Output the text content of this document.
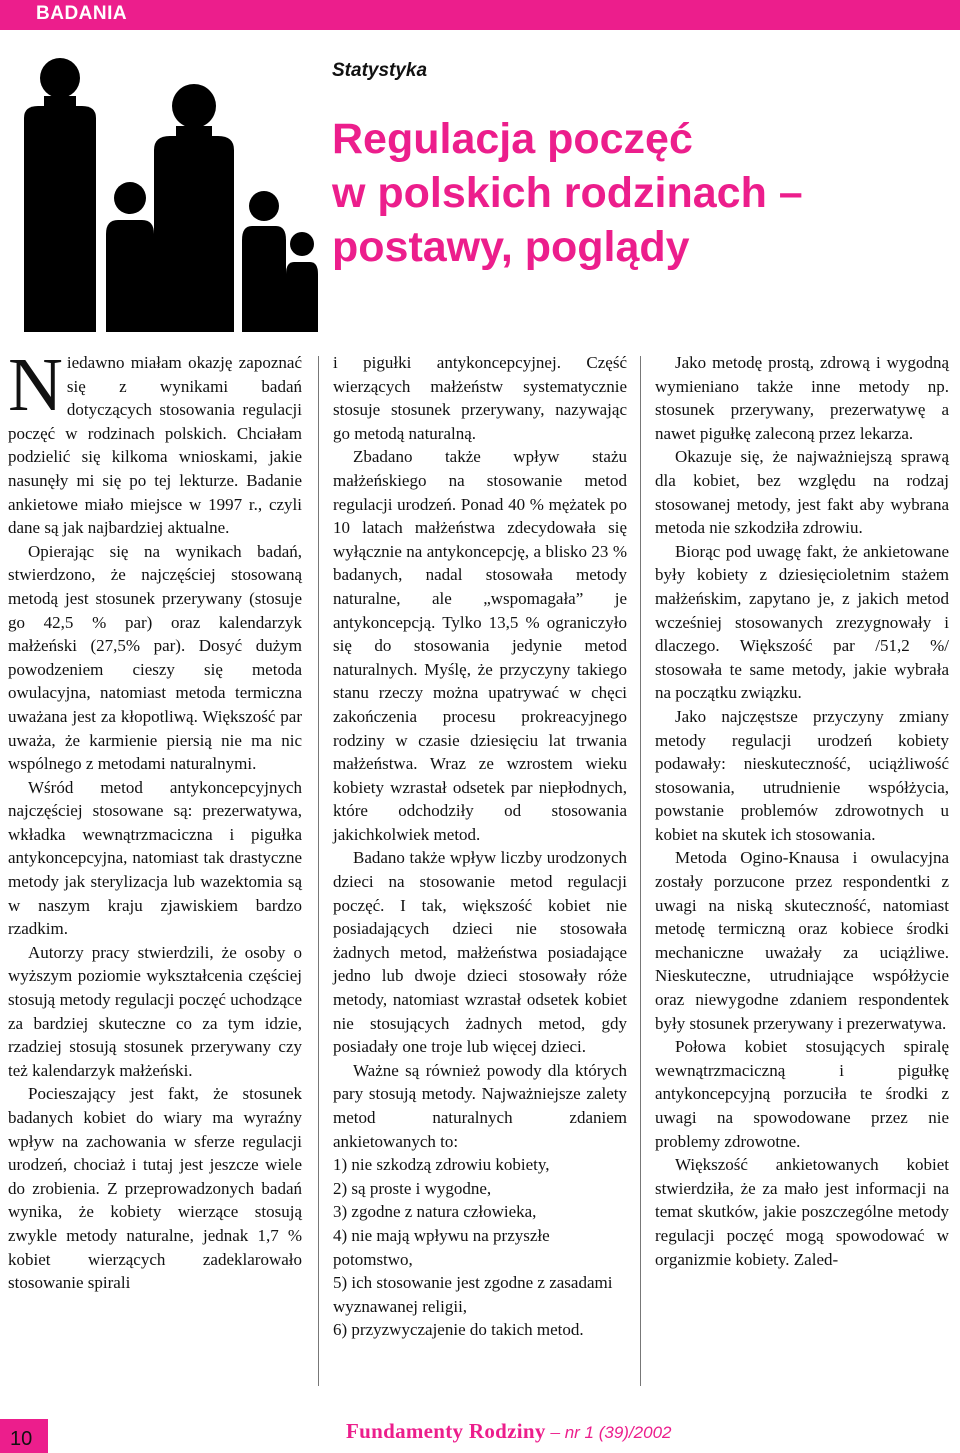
BADANIA
Statystyka
Regulacja poczęć
w polskich rodzinach –
postawy, poglądy

Niedawno miałam okazję zapoznać się z wynikami badań dotyczących stosowania regulacji poczęć w rodzinach polskich. Chciałam podzielić się kilkoma wnioskami, jakie nasunęły mi się po tej lekturze. Badanie ankietowe miało miejsce w 1997 r., czyli dane są jak najbardziej aktualne.

Opierając się na wynikach badań, stwierdzono, że najczęściej stosowaną metodą jest stosunek przerywany (stosuje go 42,5 % par) oraz kalendarzyk małżeński (27,5% par). Dosyć dużym powodzeniem cieszy się metoda owulacyjna, natomiast metoda termiczna uważana jest za kłopotliwą. Większość par uważa, że karmienie piersią nie ma nic wspólnego z metodami naturalnymi.

Wśród metod antykoncepcyjnych najczęściej stosowane są: prezerwatywa, wkładka wewnątrzmaciczna i pigułka antykoncepcyjna, natomiast tak drastyczne metody jak sterylizacja lub wazektomia są w naszym kraju zjawiskiem bardzo rzadkim.

Autorzy pracy stwierdzili, że osoby o wyższym poziomie wykształcenia częściej stosują metody regulacji poczęć uchodzące za bardziej skuteczne co za tym idzie, rzadziej stosują stosunek przerywany czy też kalendarzyk małżeński.

Pocieszający jest fakt, że stosunek badanych kobiet do wiary ma wyraźny wpływ na zachowania w sferze regulacji urodzeń, chociaż i tutaj jest jeszcze wiele do zrobienia. Z przeprowadzonych badań wynika, że kobiety wierzące stosują zwykle metody naturalne, jednak 1,7 % kobiet wierzących zadeklarowało stosowanie spirali

i pigułki antykoncepcyjnej. Część wierzących małżeństw systematycznie stosuje stosunek przerywany, nazywając go metodą naturalną.

Zbadano także wpływ stażu małżeńskiego na stosowanie metod regulacji urodzeń. Ponad 40 % mężatek po 10 latach małżeństwa zdecydowała się wyłącznie na antykoncepcję, a blisko 23 % badanych, nadal stosowała metody naturalne, ale „wspomagała” je antykoncepcją. Tylko 13,5 % ograniczyło się do stosowania jedynie metod naturalnych. Myślę, że przyczyny takiego stanu rzeczy można upatrywać w chęci zakończenia procesu prokreacyjnego rodziny w czasie dziesięciu lat trwania małżeństwa. Wraz ze wzrostem wieku kobiety wzrastał odsetek par niepłodnych, które odchodziły od stosowania jakichkolwiek metod.

Badano także wpływ liczby urodzonych dzieci na stosowanie metod regulacji poczęć. I tak, większość kobiet nie posiadających dzieci nie stosowała żadnych metod, małżeństwa posiadające jedno lub dwoje dzieci stosowały róże metody, natomiast wzrastał odsetek kobiet nie stosujących żadnych metod, gdy posiadały one troje lub więcej dzieci.

Ważne są również powody dla których pary stosują metody. Najważniejsze zalety metod naturalnych zdaniem ankietowanych to:

1) nie szkodzą zdrowiu kobiety,

2) są proste i wygodne,

3) zgodne z natura człowieka,

4) nie mają wpływu na przyszłe potomstwo,

5) ich stosowanie jest zgodne z zasadami wyznawanej religii,

6) przyzwyczajenie do takich metod.

Jako metodę prostą, zdrową i wygodną wymieniano także inne metody np. stosunek przerywany, prezerwatywę a nawet pigułkę zaleconą przez lekarza.

Okazuje się, że najważniejszą sprawą dla kobiet, bez względu na rodzaj stosowanej metody, jest fakt aby wybrana metoda nie szkodziła zdrowiu.

Biorąc pod uwagę fakt, że ankietowane były kobiety z dziesięcioletnim stażem małżeńskim, zapytano je, z jakich metod wcześniej stosowanych zrezygnowały i dlaczego. Większość par /51,2 %/ stosowała te same metody, jakie wybrała na początku związku.

Jako najczęstsze przyczyny zmiany metody regulacji urodzeń kobiety podawały: nieskuteczność, uciążliwość stosowania, utrudnienie współżycia, powstanie problemów zdrowotnych u kobiet na skutek ich stosowania.

Metoda Ogino-Knausa i owulacyjna zostały porzucone przez respondentki z uwagi na niską skuteczność, natomiast metodę termiczną oraz kobiece środki mechaniczne uważały za uciążliwe. Nieskuteczne, utrudniające współżycie oraz niewygodne zdaniem respondentek były stosunek przerywany i prezerwatywa.

Połowa kobiet stosujących spiralę wewnątrzmaciczną i pigułkę antykoncepcyjną porzuciła te środki z uwagi na spowodowane przez nie problemy zdrowotne.

Większość ankietowanych kobiet stwierdziła, że za mało jest informacji na temat skutków, jakie poszczególne metody regulacji poczęć mogą spowodować w organizmie kobiety. Zaled-

10	Fundamenty Rodziny – nr 1 (39)/2002
